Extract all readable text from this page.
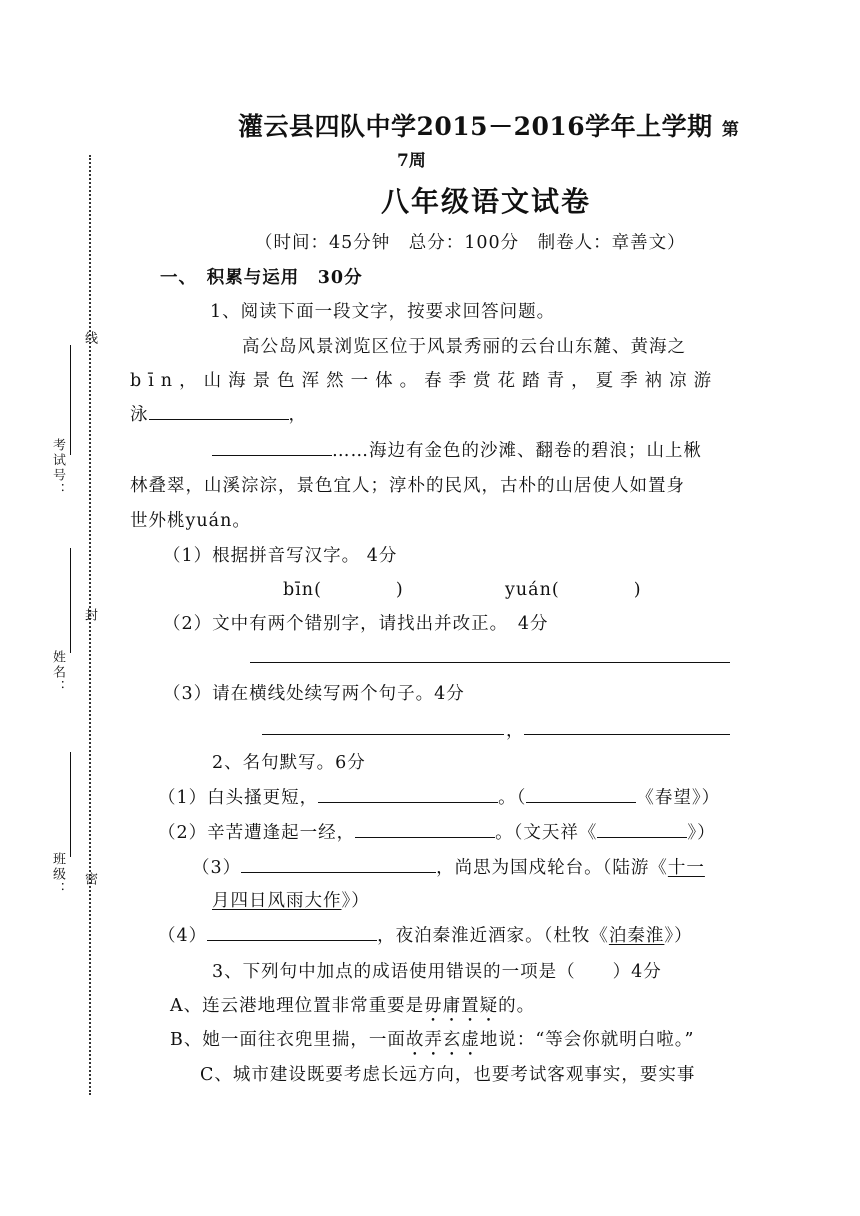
考试号：
线
姓名：
封
班级： 密
灌云县四队中学2015－2016学年上学期 第
7周
八年级语文试卷
（时间：45分钟　总分：100分　制卷人：章善文）
一、　积累与运用　30分
1、阅读下面一段文字，按要求回答问题。
高公岛风景浏览区位于风景秀丽的云台山东麓、黄海之
bīn，山海景色浑然一体。春季赏花踏青，夏季衲凉游
泳	，
……海边有金色的沙滩、翻卷的碧浪；山上楸
林叠翠，山溪淙淙，景色宜人；淳朴的民风，古朴的山居使人如置身
世外桃yuán。
（1）根据拼音写汉字。 4分
bīn(　　　　)	yuán(　　　　)
（2）文中有两个错别字，请找出并改正。　4分
（3）请在横线处续写两个句子。4分
，
2、名句默写。6分
（1）白头搔更短，	。（	《春望》）
（2）辛苦遭逢起一经，	。（文天祥《	》）
（3）	，尚思为国戍轮台。（陆游《十一
月四日风雨大作》）
（4）	，夜泊秦淮近酒家。（杜牧《泊秦淮》）
3、下列句中加点的成语使用错误的一项是（　　）4分
A、连云港地理位置非常重要是毋庸置疑的。
B、她一面往衣兜里揣，一面故弄玄虚地说：“等会你就明白啦。”
C、城市建设既要考虑长远方向，也要考试客观事实，要实事
